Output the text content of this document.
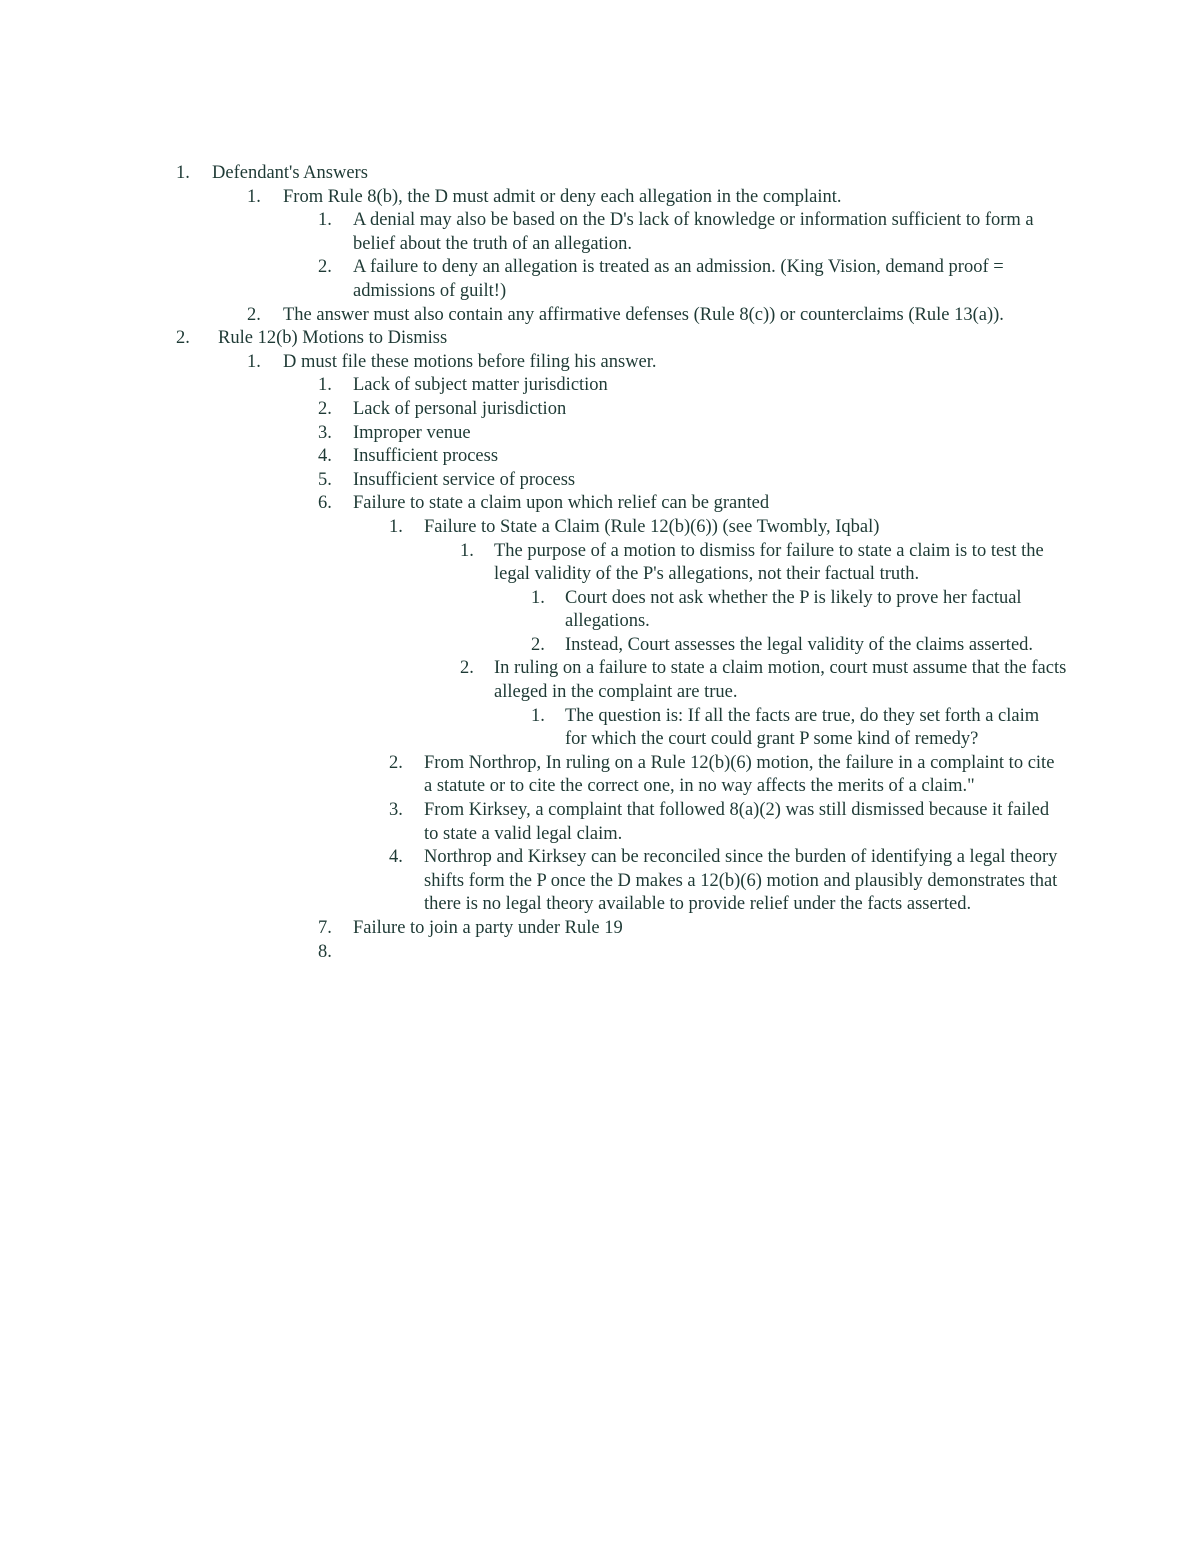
1. Defendant's Answers
1. From Rule 8(b), the D must admit or deny each allegation in the complaint.
1. A denial may also be based on the D's lack of knowledge or information sufficient to form a belief about the truth of an allegation.
2. A failure to deny an allegation is treated as an admission. (King Vision, demand proof = admissions of guilt!)
2. The answer must also contain any affirmative defenses (Rule 8(c)) or counterclaims (Rule 13(a)).
2. Rule 12(b) Motions to Dismiss
1. D must file these motions before filing his answer.
1. Lack of subject matter jurisdiction
2. Lack of personal jurisdiction
3. Improper venue
4. Insufficient process
5. Insufficient service of process
6. Failure to state a claim upon which relief can be granted
1. Failure to State a Claim (Rule 12(b)(6)) (see Twombly, Iqbal)
1. The purpose of a motion to dismiss for failure to state a claim is to test the legal validity of the P's allegations, not their factual truth.
1. Court does not ask whether the P is likely to prove her factual allegations.
2. Instead, Court assesses the legal validity of the claims asserted.
2. In ruling on a failure to state a claim motion, court must assume that the facts alleged in the complaint are true.
1. The question is: If all the facts are true, do they set forth a claim for which the court could grant P some kind of remedy?
2. From Northrop, In ruling on a Rule 12(b)(6) motion, the failure in a complaint to cite a statute or to cite the correct one, in no way affects the merits of a claim."
3. From Kirksey, a complaint that followed 8(a)(2) was still dismissed because it failed to state a valid legal claim.
4. Northrop and Kirksey can be reconciled since the burden of identifying a legal theory shifts form the P once the D makes a 12(b)(6) motion and plausibly demonstrates that there is no legal theory available to provide relief under the facts asserted.
7. Failure to join a party under Rule 19
8.
